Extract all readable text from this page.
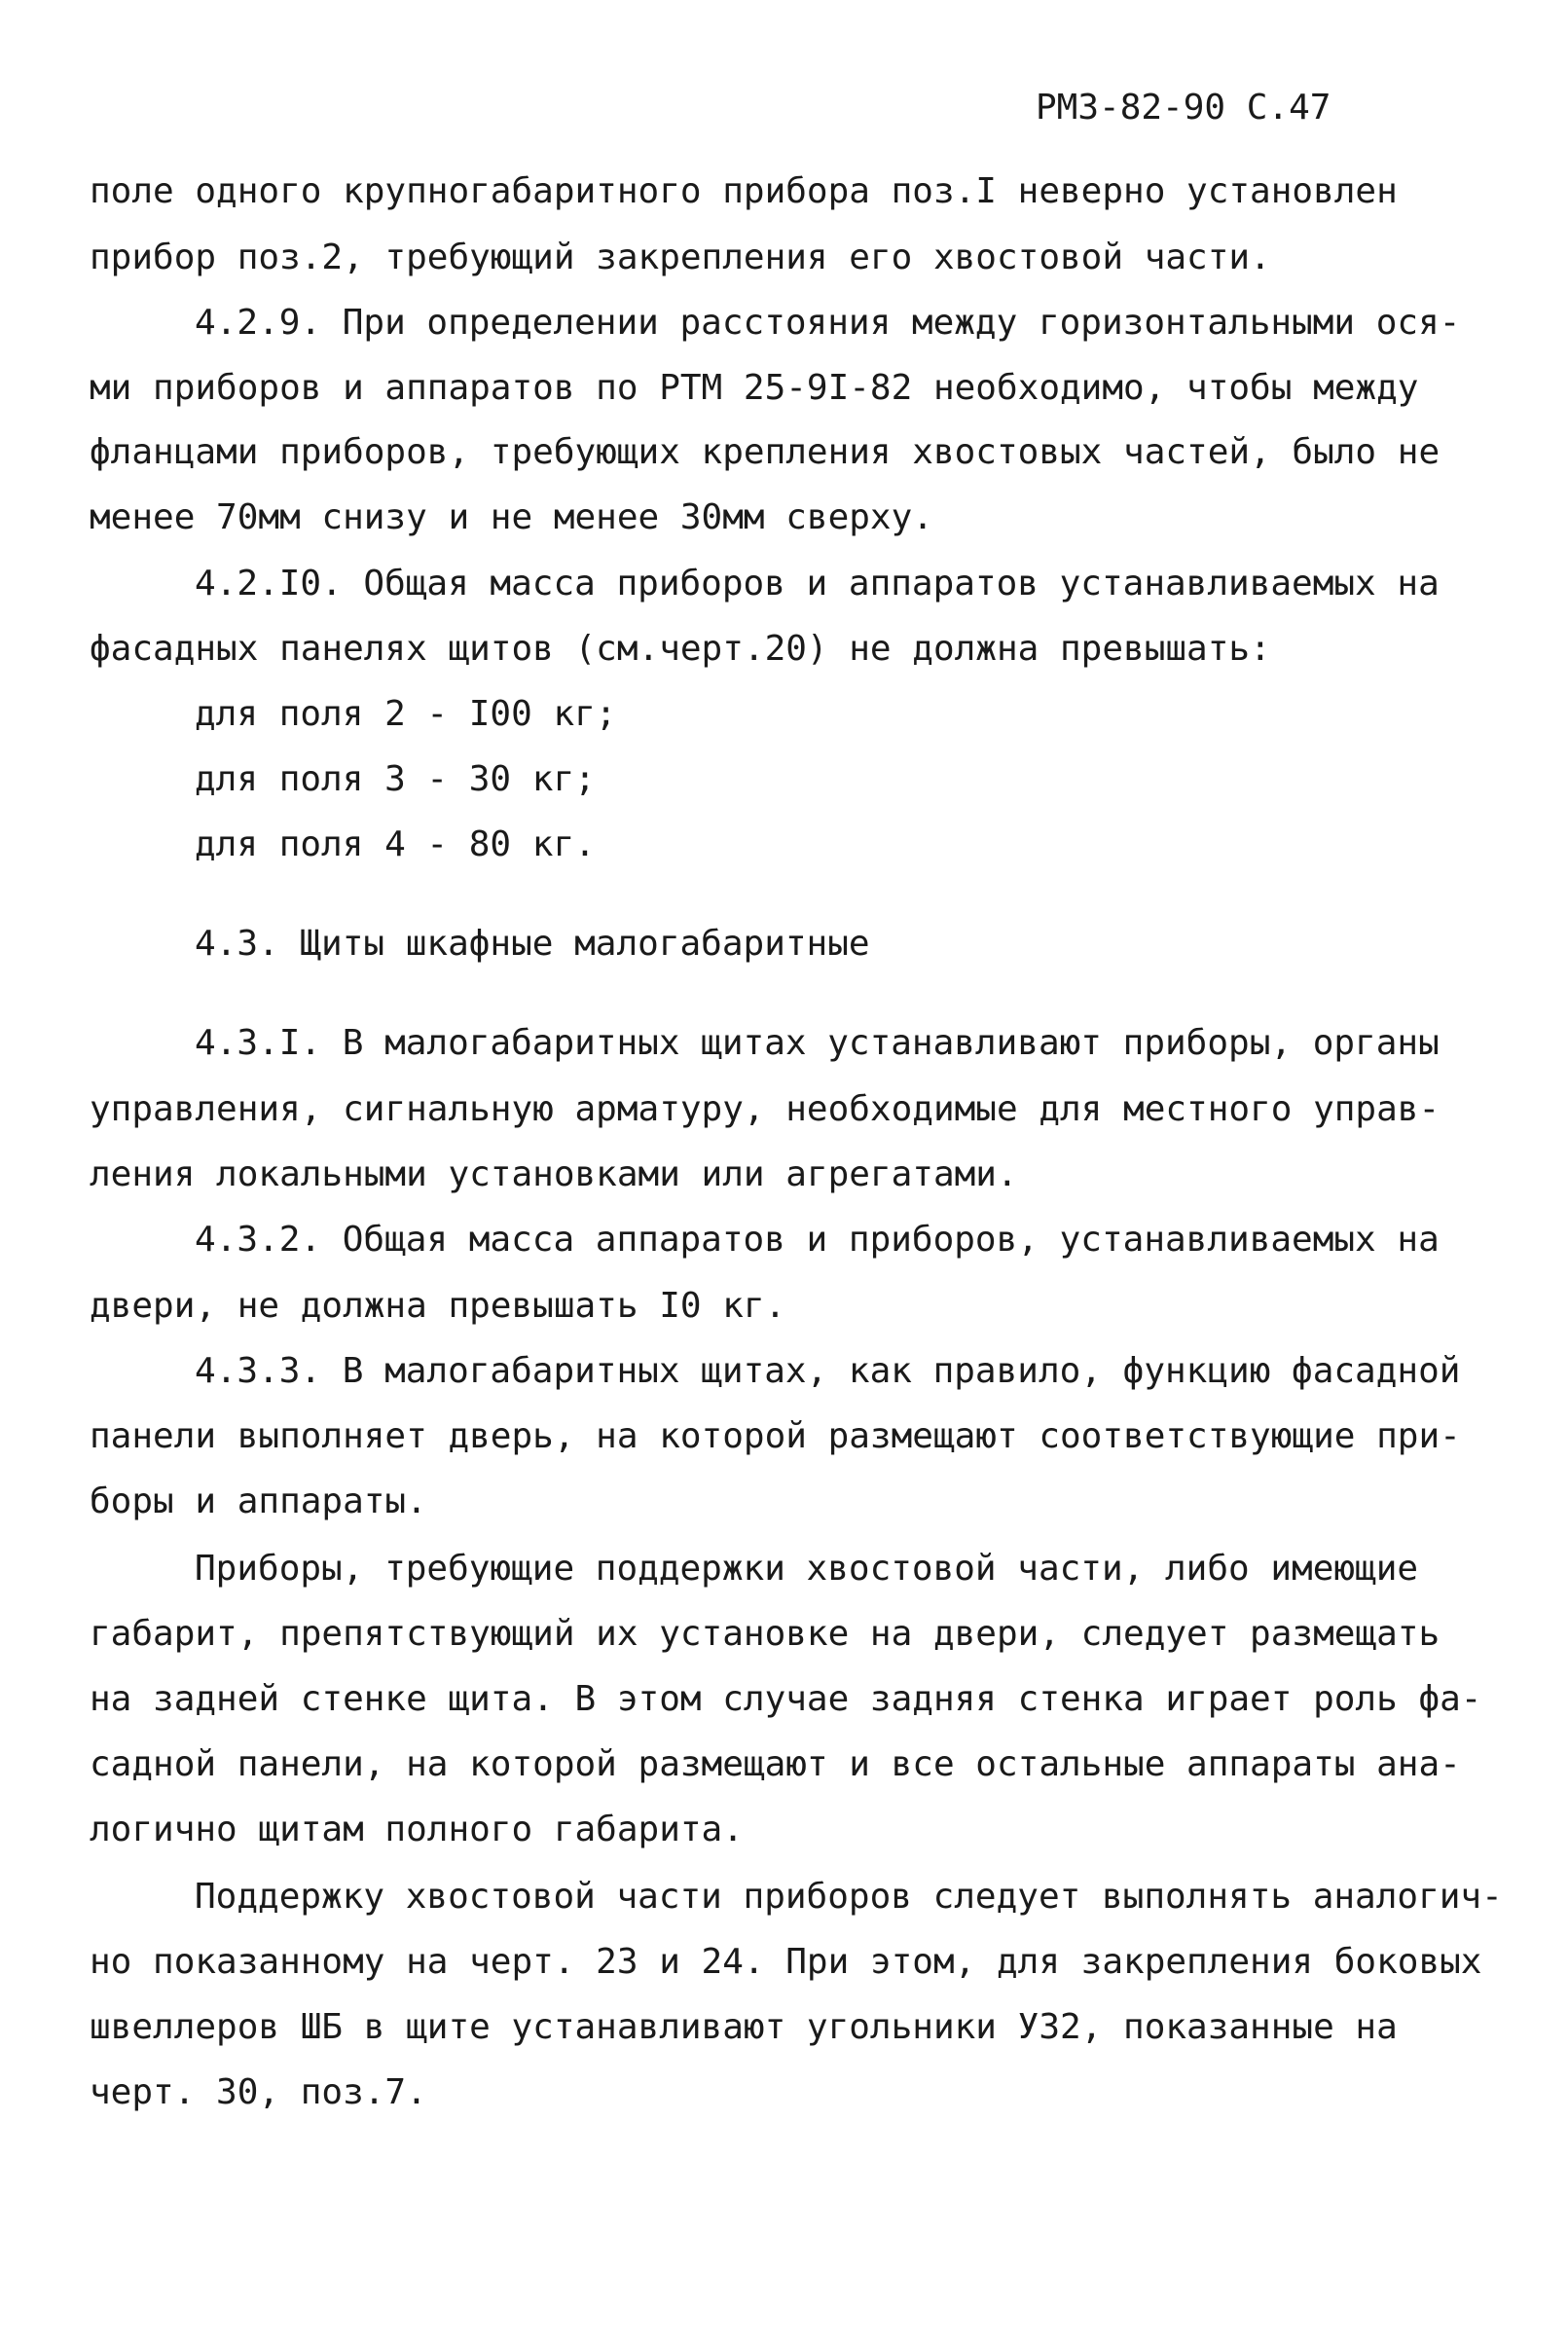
РМ3-82-90 С.47
поле одного крупногабаритного прибора поз.I неверно установлен
прибор поз.2, требующий закрепления его хвостовой части.
4.2.9. При определении расстояния между горизонтальными ося-
ми приборов и аппаратов по РТМ 25-9I-82 необходимо, чтобы между
фланцами приборов, требующих крепления хвостовых частей, было не
менее 70мм снизу и не менее 30мм сверху.
4.2.I0. Общая масса приборов и аппаратов устанавливаемых на
фасадных панелях щитов (см.черт.20) не должна превышать:
для поля 2 - I00 кг;
для поля 3 - 30 кг;
для поля 4 - 80 кг.
4.3. Щиты шкафные малогабаритные
4.3.I. В малогабаритных щитах устанавливают приборы, органы
управления, сигнальную арматуру, необходимые для местного управ-
ления локальными установками или агрегатами.
4.3.2. Общая масса аппаратов и приборов, устанавливаемых на
двери, не должна превышать I0 кг.
4.3.3. В малогабаритных щитах, как правило, функцию фасадной
панели выполняет дверь, на которой размещают соответствующие при-
боры и аппараты.
Приборы, требующие поддержки хвостовой части, либо имеющие
габарит, препятствующий их установке на двери, следует размещать
на задней стенке щита. В этом случае задняя стенка играет роль фа-
садной панели, на которой размещают и все остальные аппараты ана-
логично щитам полного габарита.
Поддержку хвостовой части приборов следует выполнять аналогич-
но показанному на черт. 23 и 24. При этом, для закрепления боковых
швеллеров ШБ в щите устанавливают угольники У32, показанные на
черт. 30, поз.7.
